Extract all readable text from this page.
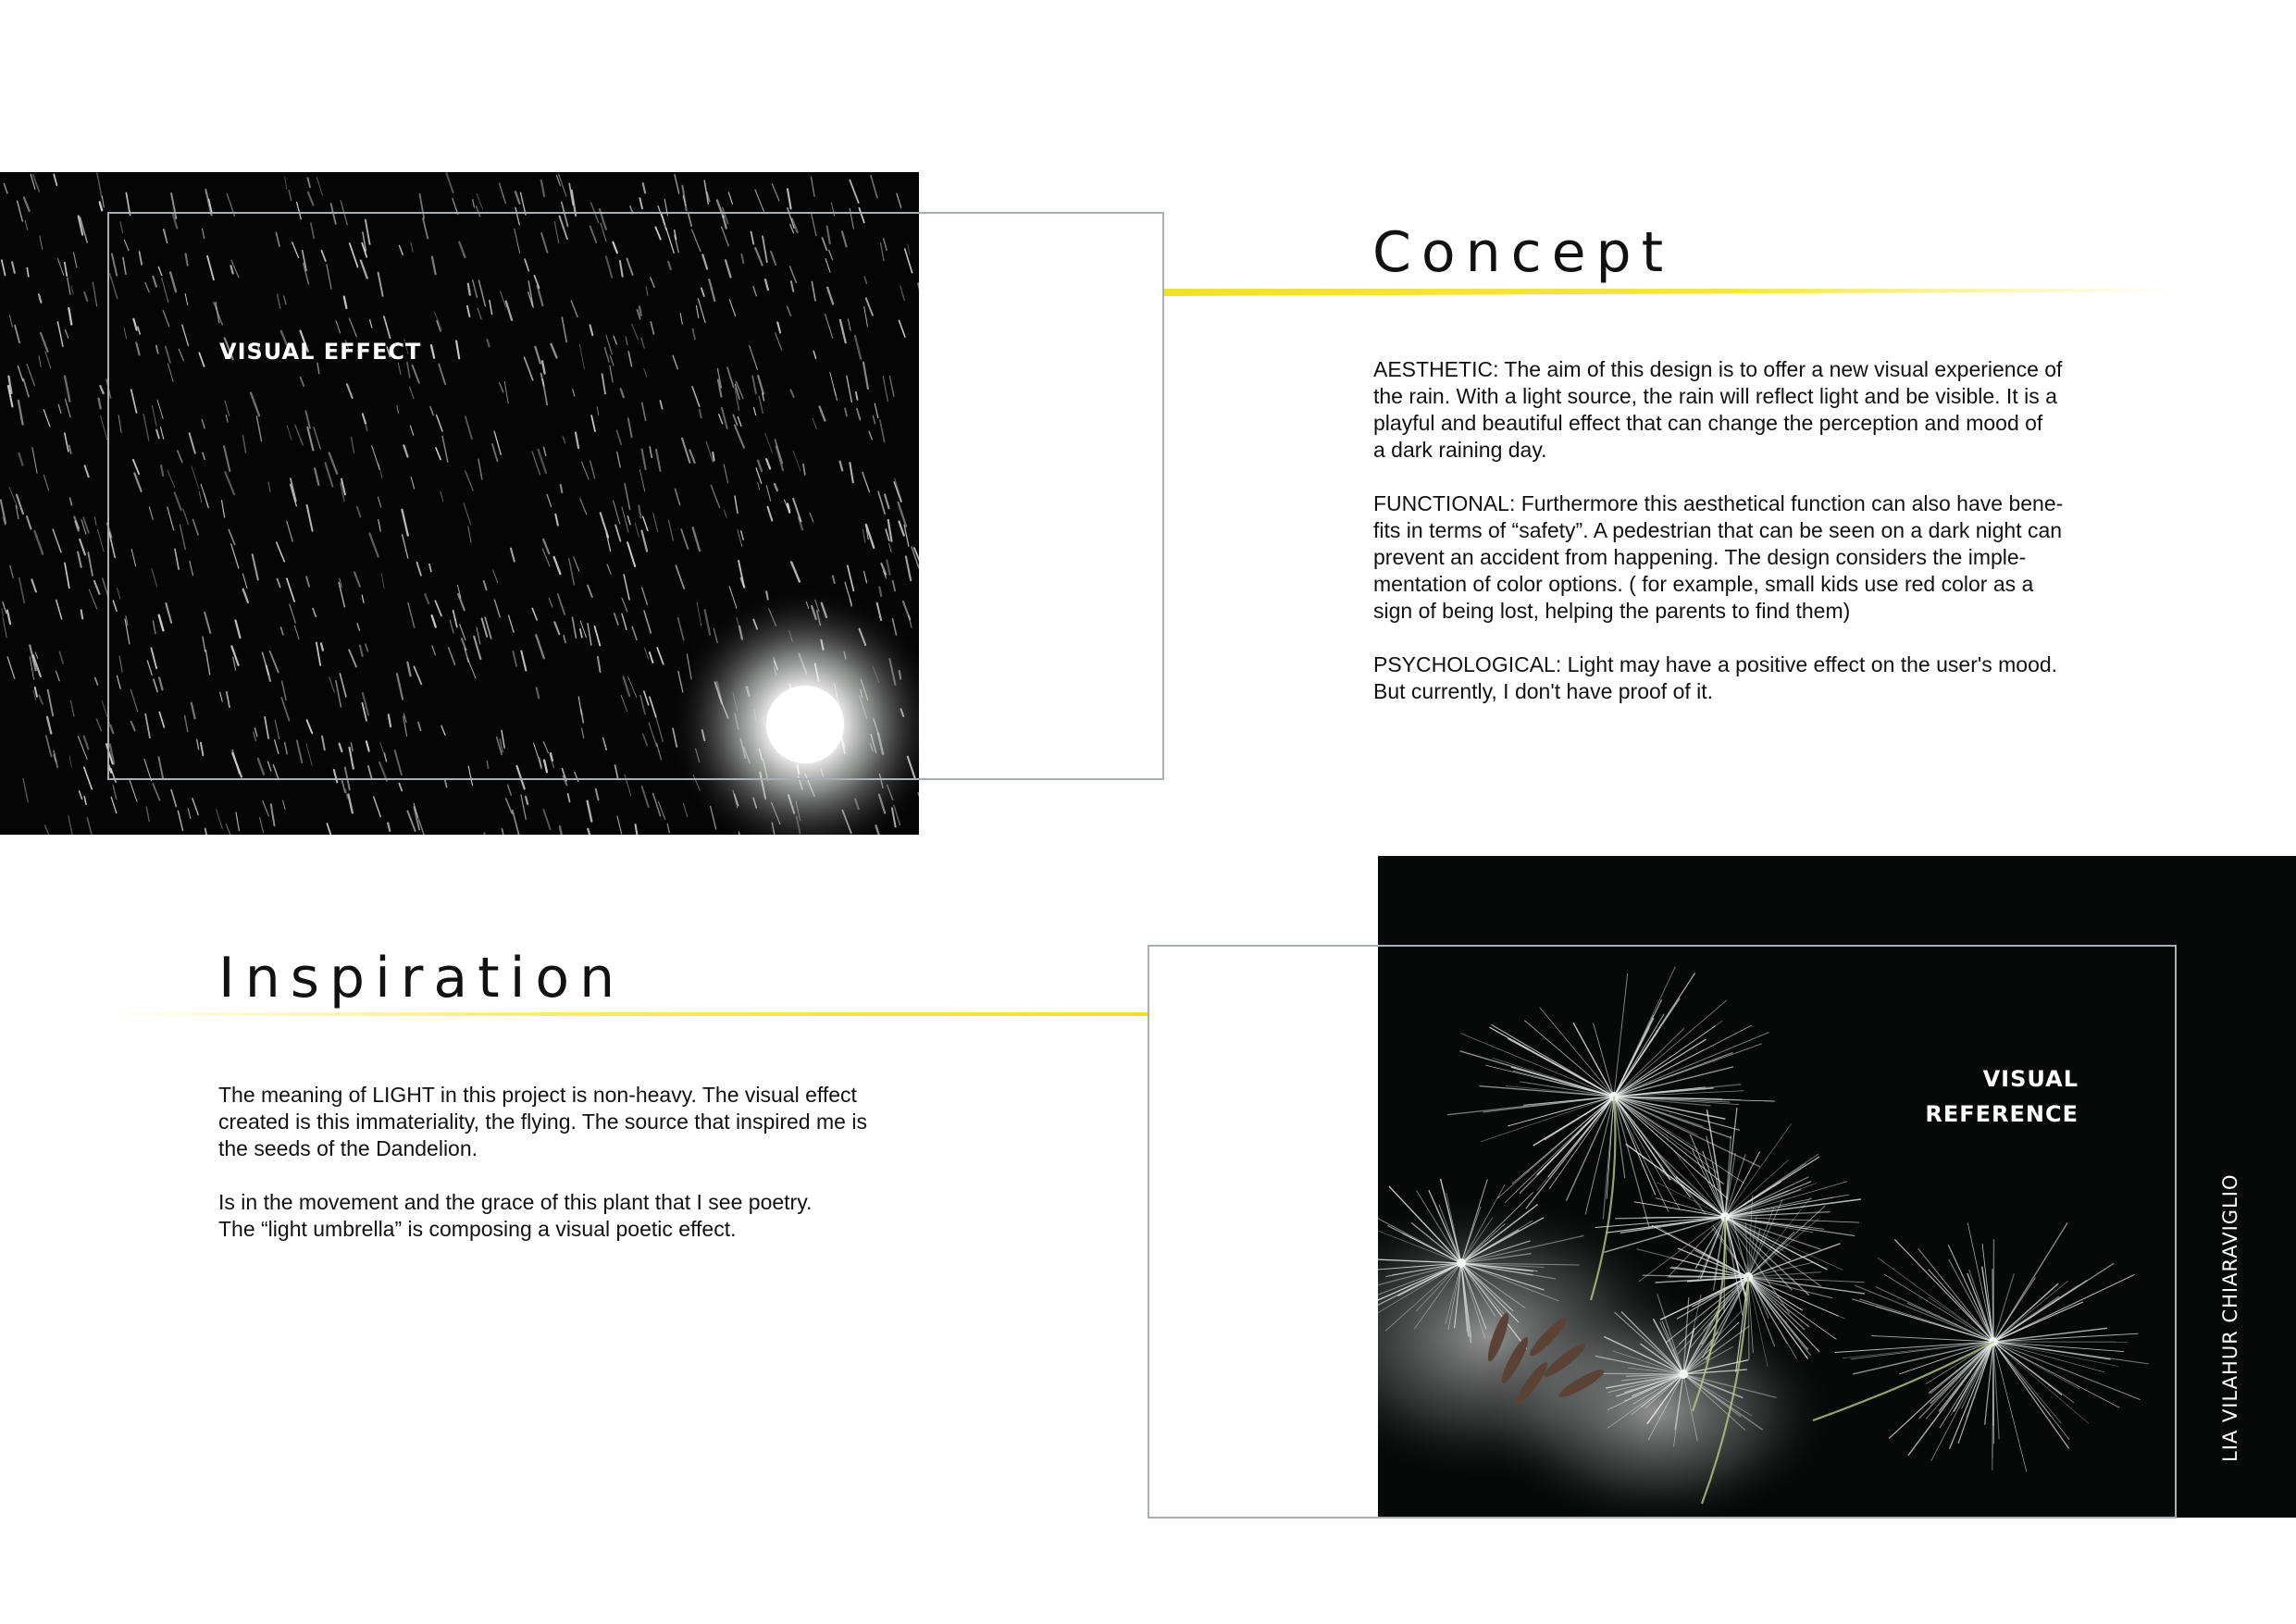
VISUAL EFFECT
Concept

AESTHETIC: The aim of this design is to offer a new visual experience of
the rain. With a light source, the rain will reflect light and be visible. It is a
playful and beautiful effect that can change the perception and mood of
a dark raining day.

FUNCTIONAL: Furthermore this aesthetical function can also have bene-
fits in terms of “safety”. A pedestrian that can be seen on a dark night can
prevent an accident from happening. The design considers the imple-
mentation of color options. ( for example, small kids use red color as a
sign of being lost, helping the parents to find them)

PSYCHOLOGICAL: Light may have a positive effect on the user's mood.
But currently, I don't have proof of it.

Inspiration

The meaning of LIGHT in this project is non-heavy. The visual effect
created is this immateriality, the flying. The source that inspired me is
the seeds of the Dandelion.

Is in the movement and the grace of this plant that I see poetry.
The “light umbrella” is composing a visual poetic effect.

VISUAL
REFERENCE
LIA VILAHUR CHIARAVIGLIO
